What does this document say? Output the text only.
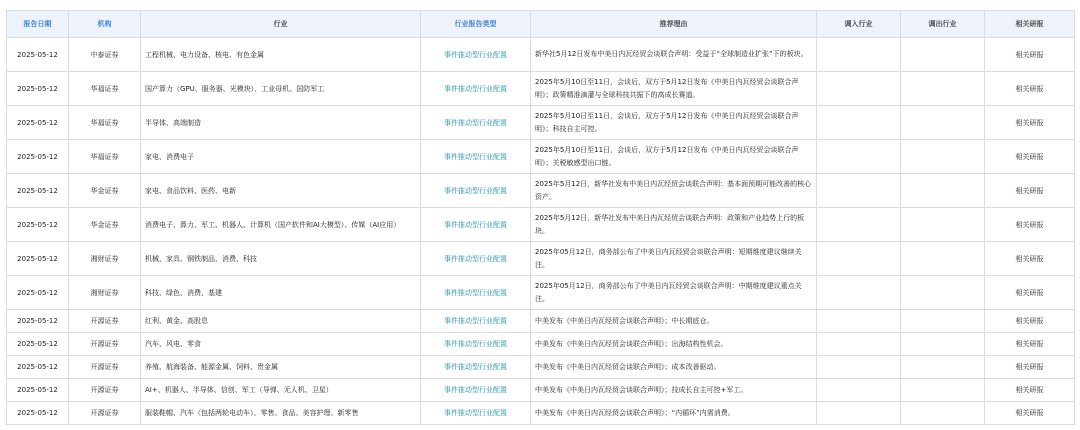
报告日期	机构	行业	行业报告类型	推荐理由	调入行业	调出行业	相关研报
2025-05-12	中泰证券	工程机械、电力设备、核电、有色金属	事件推动型行业配置	新华社5月12日发布中美日内瓦经贸会谈联合声明：受益于“全球制造业扩张”下的板块。			相关研报
2025-05-12	华福证券	国产算力（GPU、服务器、光模块）、工业母机、国防军工	事件推动型行业配置	2025年5月10日至11日，会谈后，双方于5月12日发布《中美日内瓦经贸会谈联合声明》；政策精准滴灌与全球科技共振下的高成长赛道。			相关研报
2025-05-12	华福证券	半导体、高端制造	事件推动型行业配置	2025年5月10日至11日，会谈后，双方于5月12日发布《中美日内瓦经贸会谈联合声明》；科技自主可控。			相关研报
2025-05-12	华福证券	家电、消费电子	事件推动型行业配置	2025年5月10日至11日，会谈后，双方于5月12日发布《中美日内瓦经贸会谈联合声明》；关税敏感型出口链。			相关研报
2025-05-12	华金证券	家电、食品饮料、医药、电新	事件推动型行业配置	2025年5月12日，新华社发布中美日内瓦经贸会谈联合声明：基本面预期可能改善的核心资产。			相关研报
2025-05-12	华金证券	消费电子、算力、军工、机器人、计算机（国产软件和AI大模型）、传媒（AI应用）	事件推动型行业配置	2025年5月12日，新华社发布中美日内瓦经贸会谈联合声明：政策和产业趋势上行的板块。			相关研报
2025-05-12	湘财证券	机械、家具、钢铁制品、消费、科技	事件推动型行业配置	2025年05月12日，商务部公布了中美日内瓦经贸会谈联合声明：短期维度建议继续关注。			相关研报
2025-05-12	湘财证券	科技、绿色、消费、基建	事件推动型行业配置	2025年05月12日，商务部公布了中美日内瓦经贸会谈联合声明：中期维度建议重点关注。			相关研报
2025-05-12	开源证券	红利、黄金、高股息	事件推动型行业配置	中美发布《中美日内瓦经贸会谈联合声明》；中长期底仓。			相关研报
2025-05-12	开源证券	汽车、风电、零食	事件推动型行业配置	中美发布《中美日内瓦经贸会谈联合声明》；出海结构性机会。			相关研报
2025-05-12	开源证券	养殖、航海装备、能源金属、饲料、贵金属	事件推动型行业配置	中美发布《中美日内瓦经贸会谈联合声明》；成本改善驱动。			相关研报
2025-05-12	开源证券	AI+、机器人、半导体、信创、军工（导弹、无人机、卫星）	事件推动型行业配置	中美发布《中美日内瓦经贸会谈联合声明》；技成长自主可控+军工。			相关研报
2025-05-12	开源证券	服装鞋帽、汽车（包括两轮电动车）、零售、食品、美容护理、新零售	事件推动型行业配置	中美发布《中美日内瓦经贸会谈联合声明》；“内循环”内需消费。			相关研报
